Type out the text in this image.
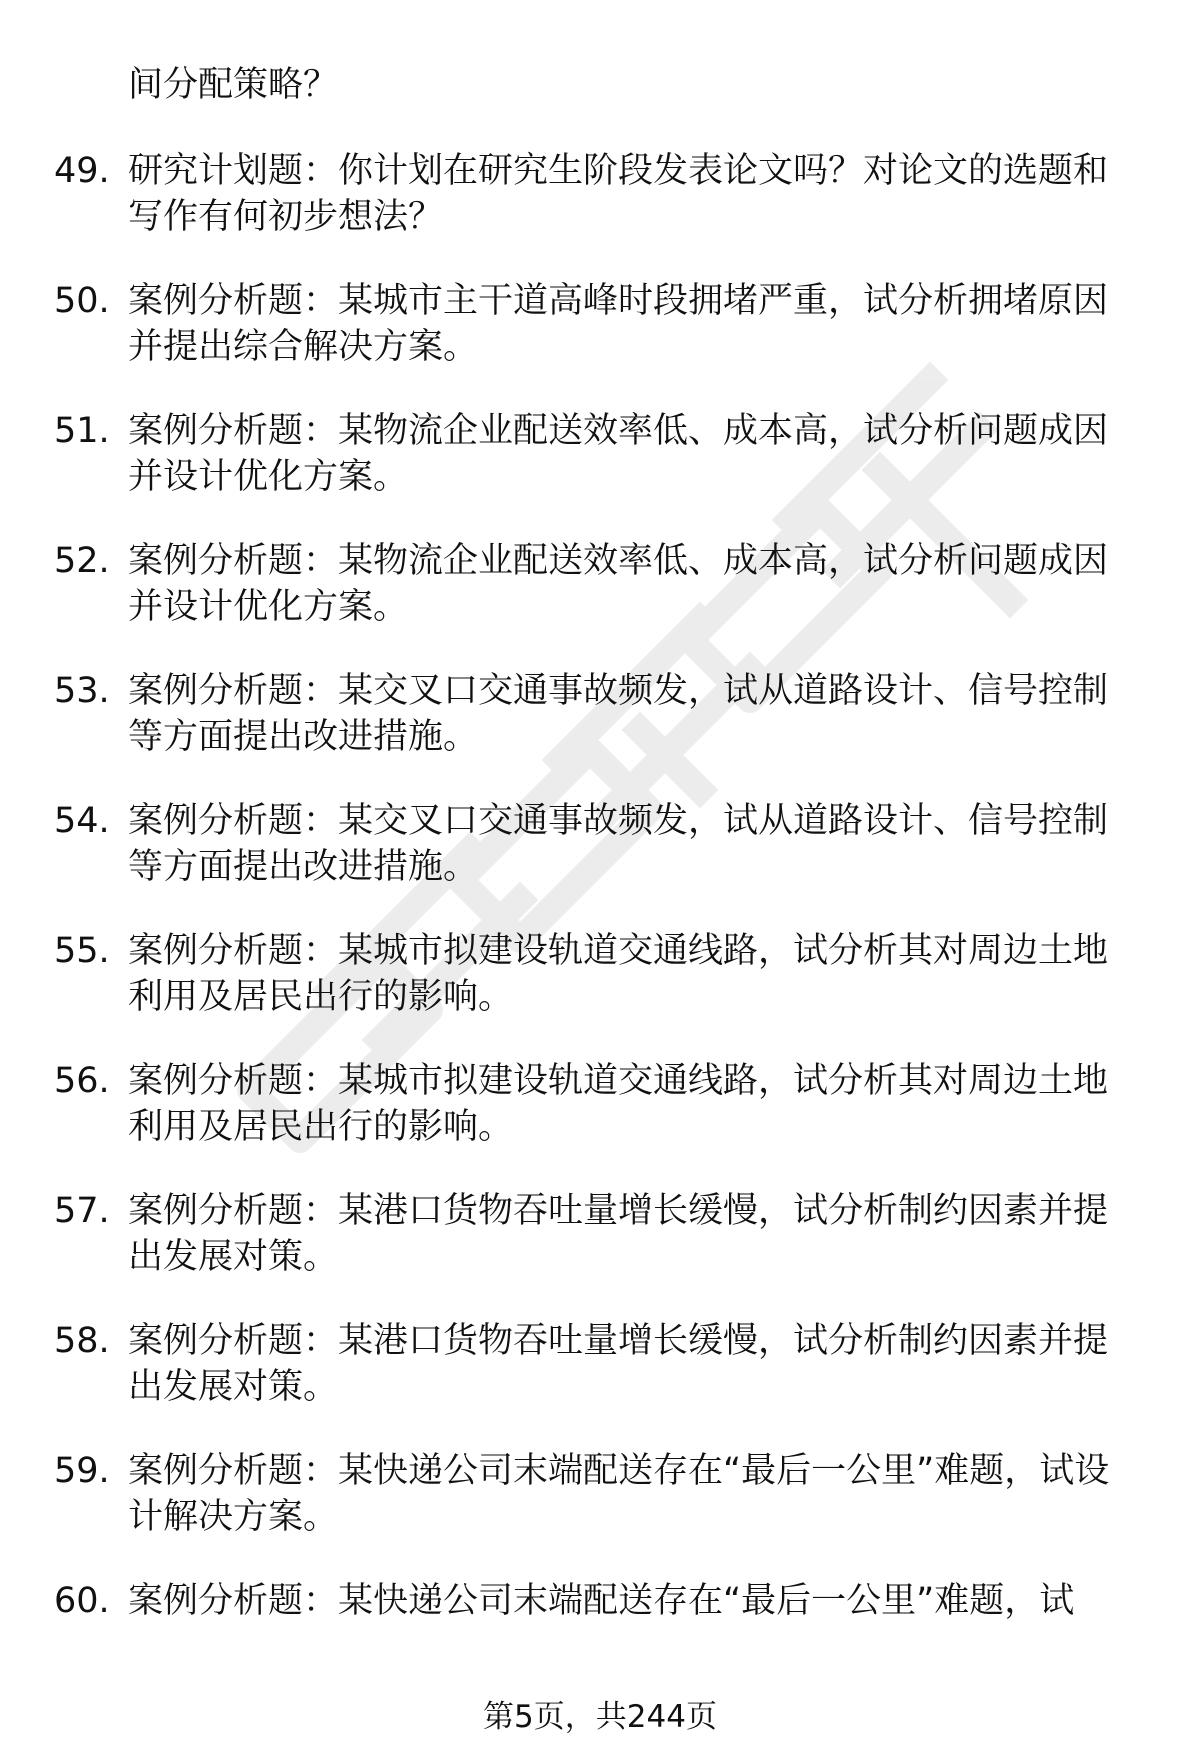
间分配策略？
49. 研究计划题：你计划在研究生阶段发表论文吗？对论文的选题和写作有何初步想法？
50. 案例分析题：某城市主干道高峰时段拥堵严重，试分析拥堵原因并提出综合解决方案。
51. 案例分析题：某物流企业配送效率低、成本高，试分析问题成因并设计优化方案。
52. 案例分析题：某物流企业配送效率低、成本高，试分析问题成因并设计优化方案。
53. 案例分析题：某交叉口交通事故频发，试从道路设计、信号控制等方面提出改进措施。
54. 案例分析题：某交叉口交通事故频发，试从道路设计、信号控制等方面提出改进措施。
55. 案例分析题：某城市拟建设轨道交通线路，试分析其对周边土地利用及居民出行的影响。
56. 案例分析题：某城市拟建设轨道交通线路，试分析其对周边土地利用及居民出行的影响。
57. 案例分析题：某港口货物吞吐量增长缓慢，试分析制约因素并提出发展对策。
58. 案例分析题：某港口货物吞吐量增长缓慢，试分析制约因素并提出发展对策。
59. 案例分析题：某快递公司末端配送存在“最后一公里”难题，试设计解决方案。
60. 案例分析题：某快递公司末端配送存在“最后一公里”难题，试
第5页，共244页
